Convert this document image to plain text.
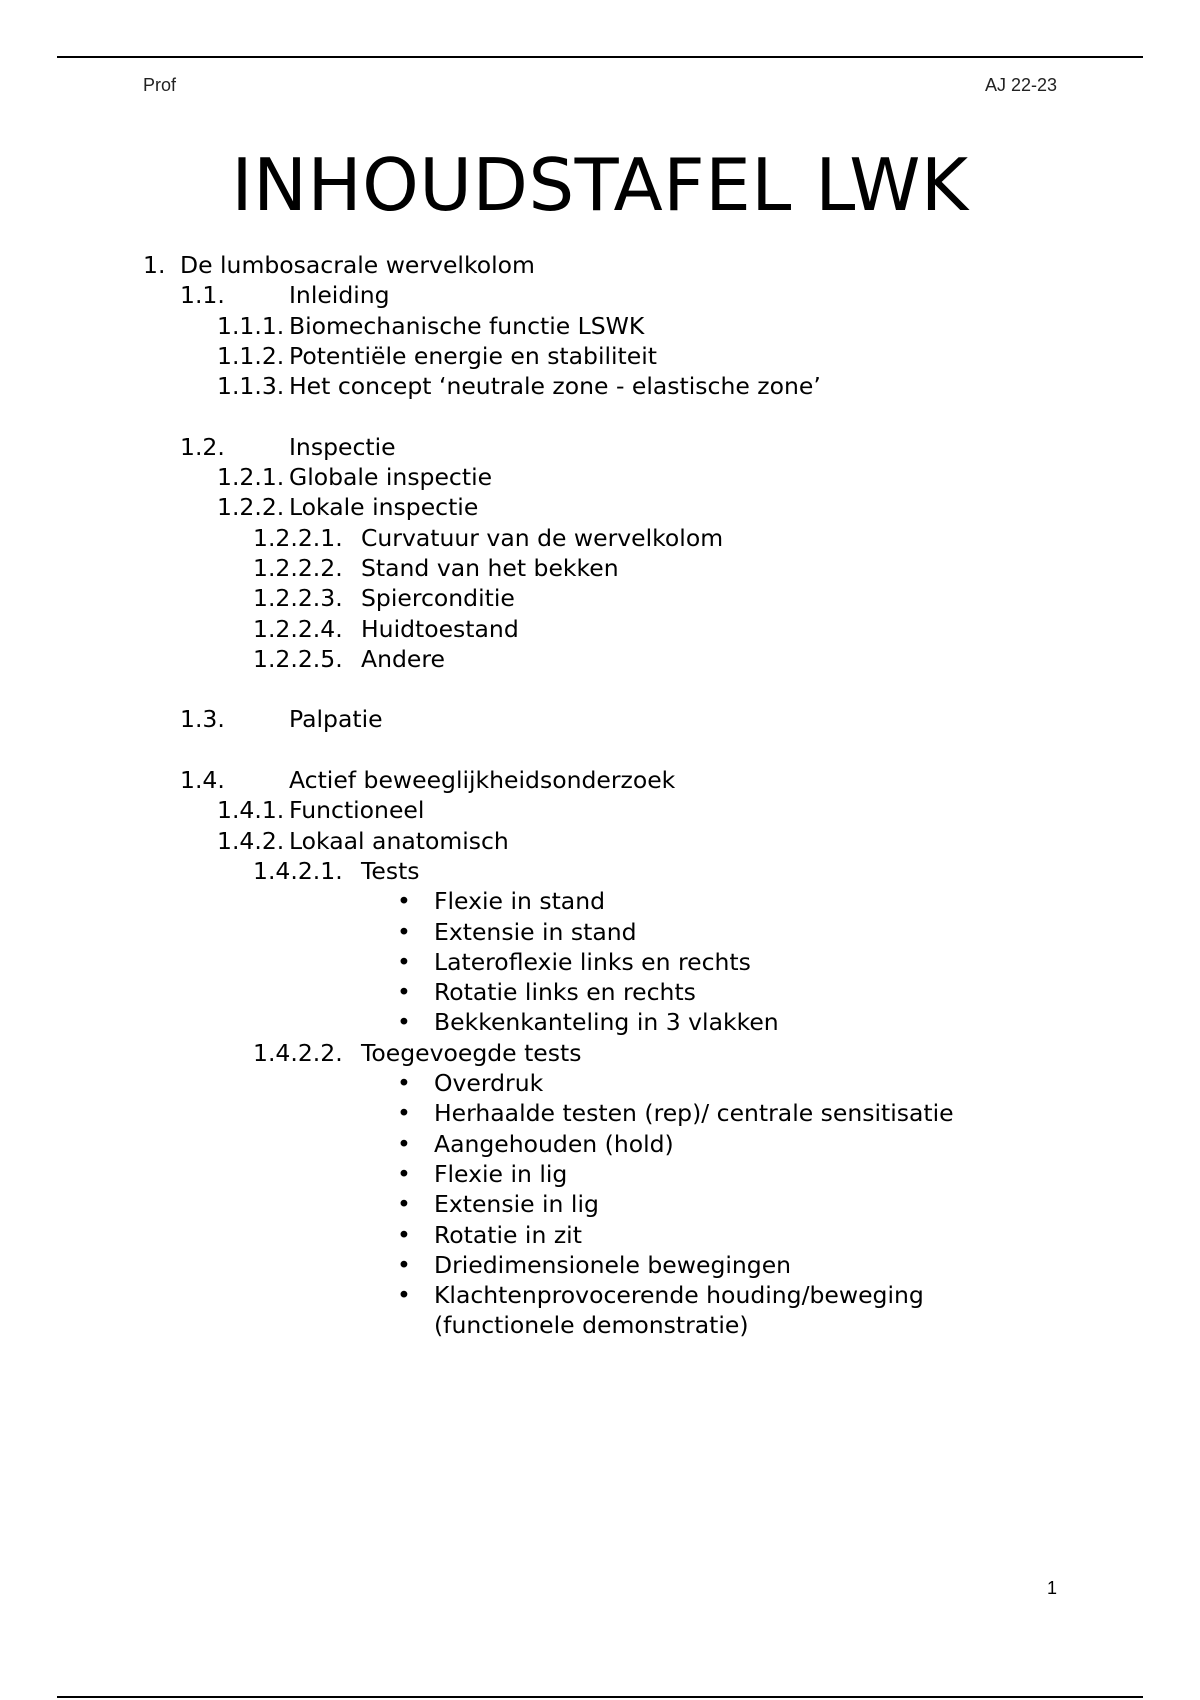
Prof	AJ 22-23
INHOUDSTAFEL LWK
1. De lumbosacrale wervelkolom
1.1.	Inleiding
1.1.1. Biomechanische functie LSWK
1.1.2. Potentiële energie en stabiliteit
1.1.3. Het concept ‘neutrale zone - elastische zone’
1.2.	Inspectie
1.2.1. Globale inspectie
1.2.2. Lokale inspectie
1.2.2.1. Curvatuur van de wervelkolom
1.2.2.2. Stand van het bekken
1.2.2.3. Spierconditie
1.2.2.4. Huidtoestand
1.2.2.5. Andere
1.3.	Palpatie
1.4.	Actief beweeglijkheidsonderzoek
1.4.1. Functioneel
1.4.2. Lokaal anatomisch
1.4.2.1. Tests
• Flexie in stand
• Extensie in stand
• Lateroflexie links en rechts
• Rotatie links en rechts
• Bekkenkanteling in 3 vlakken
1.4.2.2. Toegevoegde tests
• Overdruk
• Herhaalde testen (rep)/ centrale sensitisatie
• Aangehouden (hold)
• Flexie in lig
• Extensie in lig
• Rotatie in zit
• Driedimensionele bewegingen
• Klachtenprovocerende houding/beweging
(functionele demonstratie)
1
